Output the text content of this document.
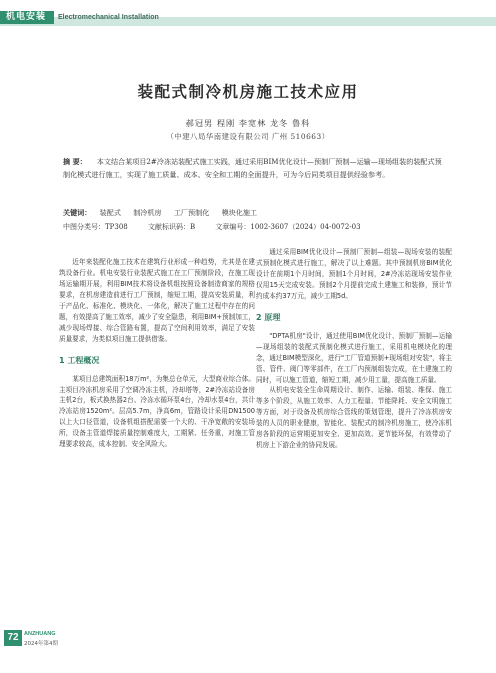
机电安装	Electromechanical Installation
装配式制冷机房施工技术应用
郝冠男 程刚 李宽林 龙冬 鲁科
（中建八局华南建设有限公司 广州 510663）
摘 要： 本文结合某项目2#冷冻站装配式施工实践，通过采用BIM优化设计—预制厂预制—运输—现场组装的装配式预制化模式进行施工，实现了施工质量、成本、安全和工期的全面提升，可为今后同类项目提供经验参考。
关键词： 装配式 制冷机房 工厂预制化 模块化施工
中图分类号：TP308	文献标识码：B	文章编号：1002-3607（2024）04-0072-03

近年来装配化施工技术在建筑行业形成一种趋势，尤其是在建筑设备行业。机电安装行业装配式施工在工厂预制阶段，在施工现场运输期开展，利用BIM技术将设备机组按照设备制造商家的规格要求，在机房建造前进行工厂预制，缩短工期，提高安装质量，利于产品化、标准化、模块化、一体化，解决了施工过程中存在的问题，有效提高了施工效率，减少了安全隐患，利用BIM+预制加工，减少现场焊接、综合管路布置，提高了空间利用效率，满足了安装质量要求，为类似项目施工提供借鉴。

1 工程概况

某项目总建筑面积18万m²，为集总仓单元，大型商业综合体。主项目冷冻机房采用了空调冷冻主机，冷却塔等，2#冷冻站设备房主机2台，板式换热器2台、冷冻水循环泵4台，冷却水泵4台，共计冷冻站房1520m²。层高5.7m，净高6m，管路设计采用DN1500以上大口径管道，设备机组搭配需要一个大的、干净宽敞的安装场所，设备主管道焊接质量控制难度大，工期紧、任务重，对施工管理要求较高，成本控制、安全风险大。

通过采用BIM优化设计—预制厂预制—组装—现场安装的装配式预制化模式进行施工，解决了以上难题。其中预制机房BIM优化设计在前期1个月时间，预制1个月时间，2#冷冻站现场安装作业仅用15天完成安装。预制2个月提前完成土建施工和装修，预计节约成本约37万元，减少工期5d。

2 原理

"DPTA机房"设计，通过使用BIM优化设计、预制厂预制—运输—现场组装的装配式预制化模式进行施工，采用机电模块化的理念，通过BIM模型深化，进行"工厂管道预制+现场组对安装"，将主管、管件、阀门等零部件，在工厂内预制组装完成，在土建施工的同时，可以施工管道，缩短工期，减少用工量，提高施工质量。

从机电安装全生命周期设计、制作、运输、组装、维保、施工等多个阶段，从施工效率、人力工程量、节能降耗、安全文明施工等方面，对于设备及机房综合管线的策划管理，提升了冷冻机房安装的人员的职业健康，智能化、装配式的制冷机房施工，使冷冻机房各阶段的运营期更加安全、更加高效、更节能环保，有效带动了机房上下游企业的协同发展。

72 ANZHUANG
2024年第4期
